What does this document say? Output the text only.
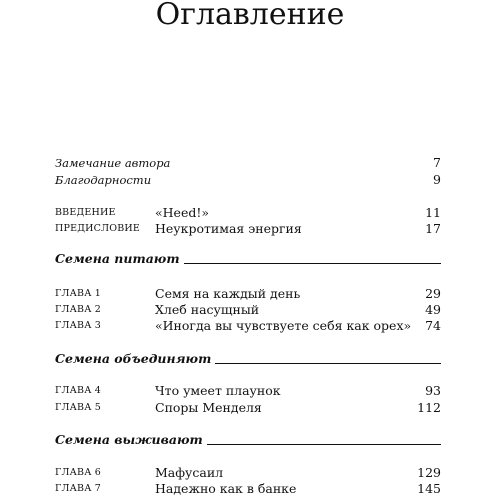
Оглавление
Замечание автора	7
Благодарности	9
ВВЕДЕНИЕ	«Heed!»	11
ПРЕДИСЛОВИЕ Неукротимая энергия	17
Семена питают
ГЛАВА 1	Семя на каждый день	29
ГЛАВА 2	Хлеб насущный	49
ГЛАВА 3	«Иногда вы чувствуете себя как орех» 74
Семена объединяют
ГЛАВА 4	Что умеет плаунок	93
ГЛАВА 5	Споры Менделя	112
Семена выживают
ГЛАВА 6	Мафусаил	129
ГЛАВА 7	Надежно как в банке	145
